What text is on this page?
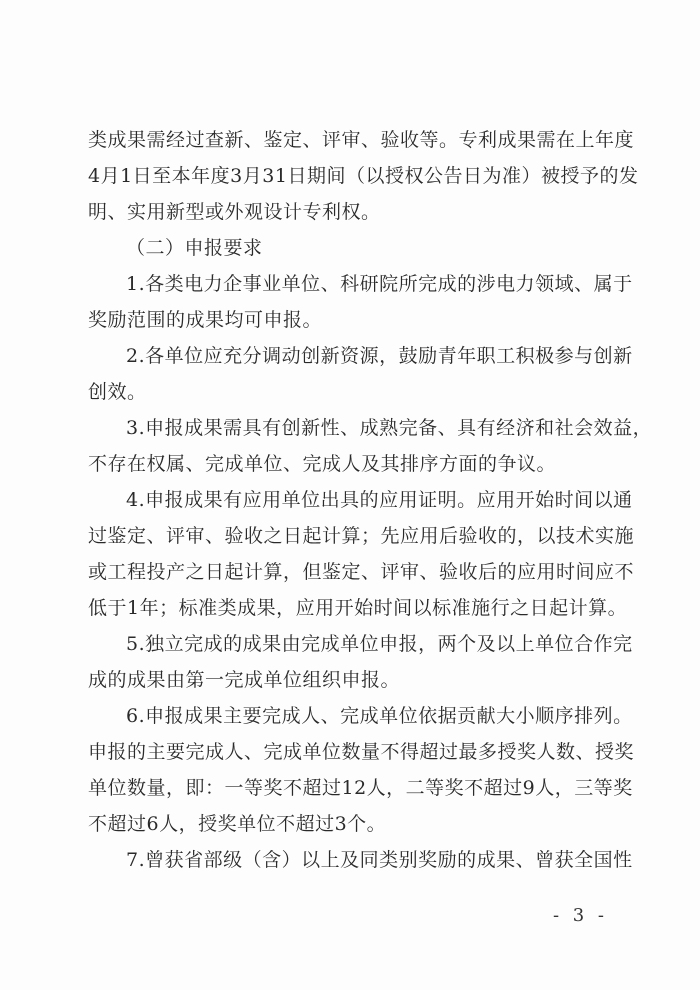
类成果需经过查新、鉴定、评审、验收等。专利成果需在上年度
4月1日至本年度3月31日期间（以授权公告日为准）被授予的发
明、实用新型或外观设计专利权。
（二）申报要求
1.各类电力企事业单位、科研院所完成的涉电力领域、属于
奖励范围的成果均可申报。
2.各单位应充分调动创新资源，鼓励青年职工积极参与创新
创效。
3.申报成果需具有创新性、成熟完备、具有经济和社会效益，
不存在权属、完成单位、完成人及其排序方面的争议。
4.申报成果有应用单位出具的应用证明。应用开始时间以通
过鉴定、评审、验收之日起计算；先应用后验收的，以技术实施
或工程投产之日起计算，但鉴定、评审、验收后的应用时间应不
低于1年；标准类成果，应用开始时间以标准施行之日起计算。
5.独立完成的成果由完成单位申报，两个及以上单位合作完
成的成果由第一完成单位组织申报。
6.申报成果主要完成人、完成单位依据贡献大小顺序排列。
申报的主要完成人、完成单位数量不得超过最多授奖人数、授奖
单位数量，即：一等奖不超过12人，二等奖不超过9人，三等奖
不超过6人，授奖单位不超过3个。
7.曾获省部级（含）以上及同类别奖励的成果、曾获全国性
- 3 -
